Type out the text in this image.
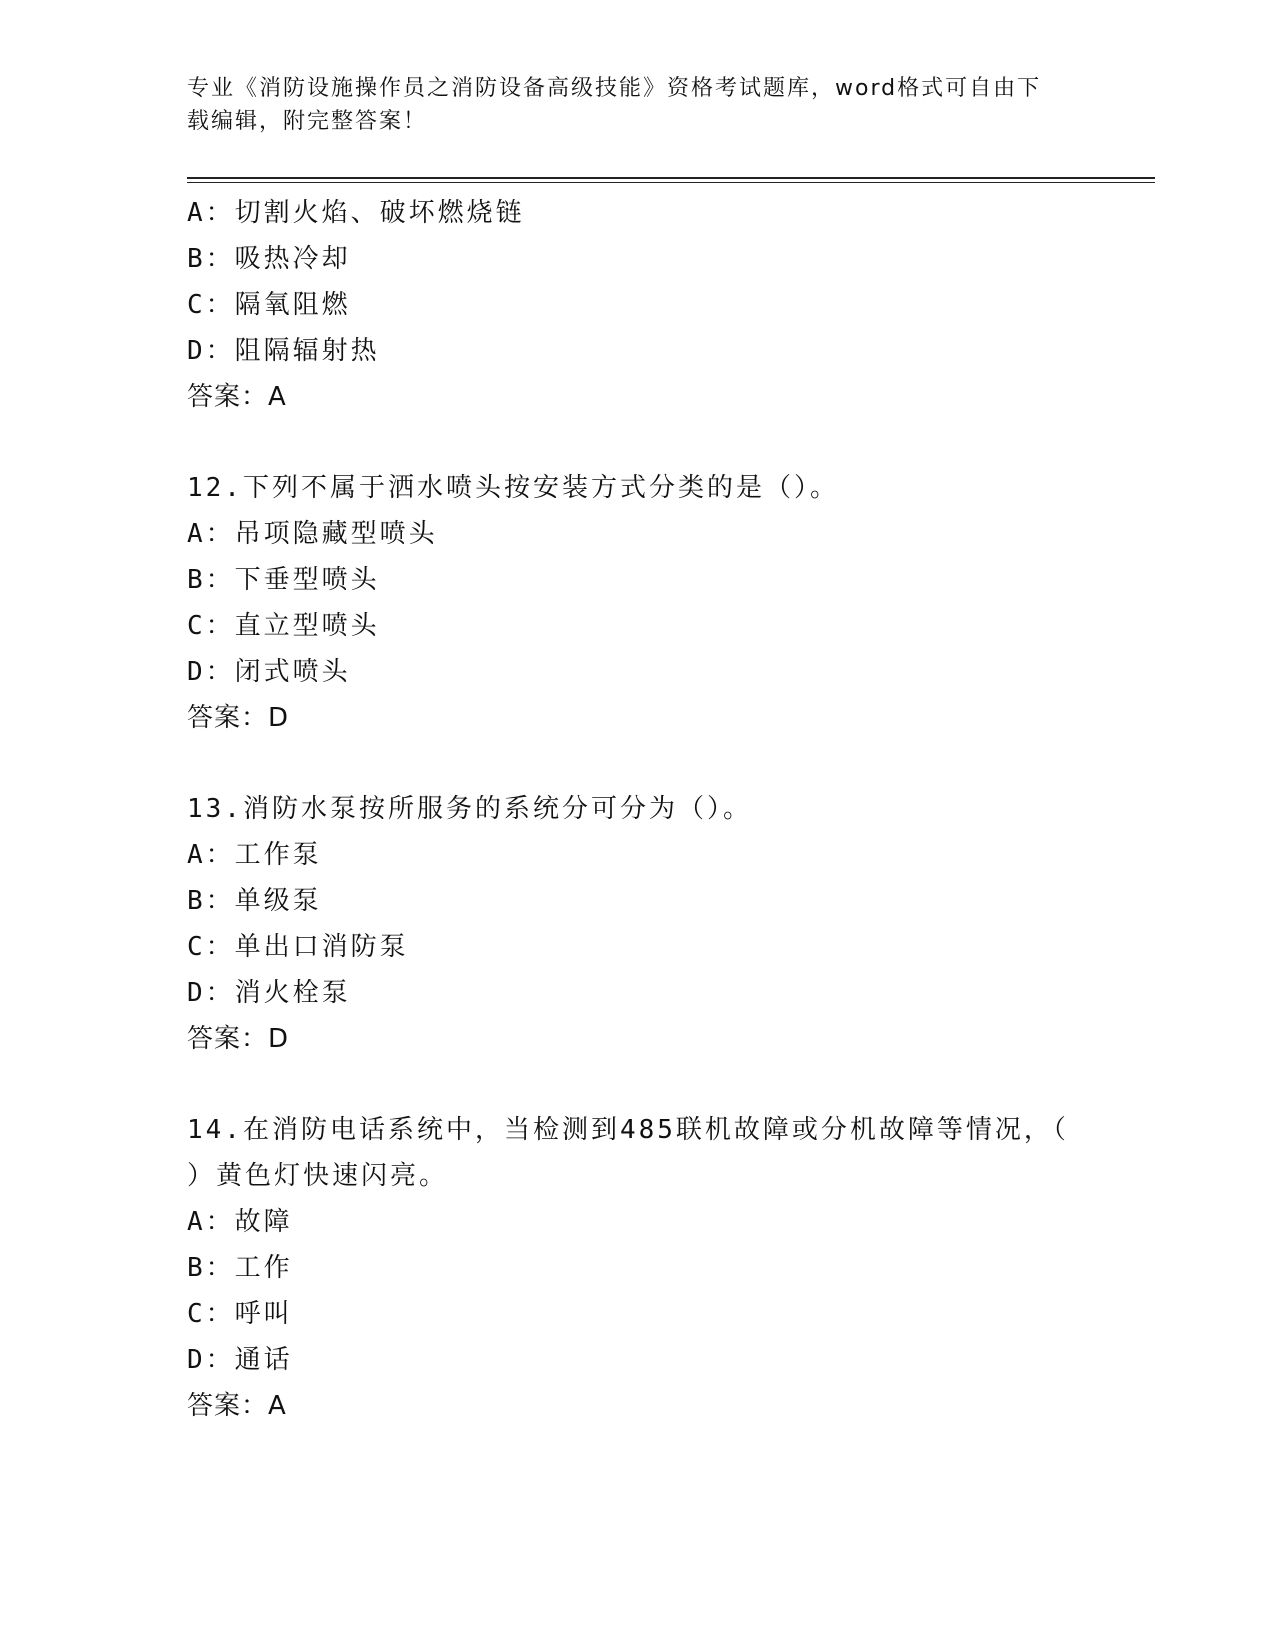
专业《消防设施操作员之消防设备高级技能》资格考试题库，word格式可自由下
载编辑，附完整答案！
A：切割火焰、破坏燃烧链
B：吸热冷却
C：隔氧阻燃
D：阻隔辐射热
答案：A
12.下列不属于洒水喷头按安装方式分类的是（）。
A：吊项隐藏型喷头
B：下垂型喷头
C：直立型喷头
D：闭式喷头
答案：D
13.消防水泵按所服务的系统分可分为（）。
A：工作泵
B：单级泵
C：单出口消防泵
D：消火栓泵
答案：D
14.在消防电话系统中，当检测到485联机故障或分机故障等情况，（
）黄色灯快速闪亮。
A：故障
B：工作
C：呼叫
D：通话
答案：A
